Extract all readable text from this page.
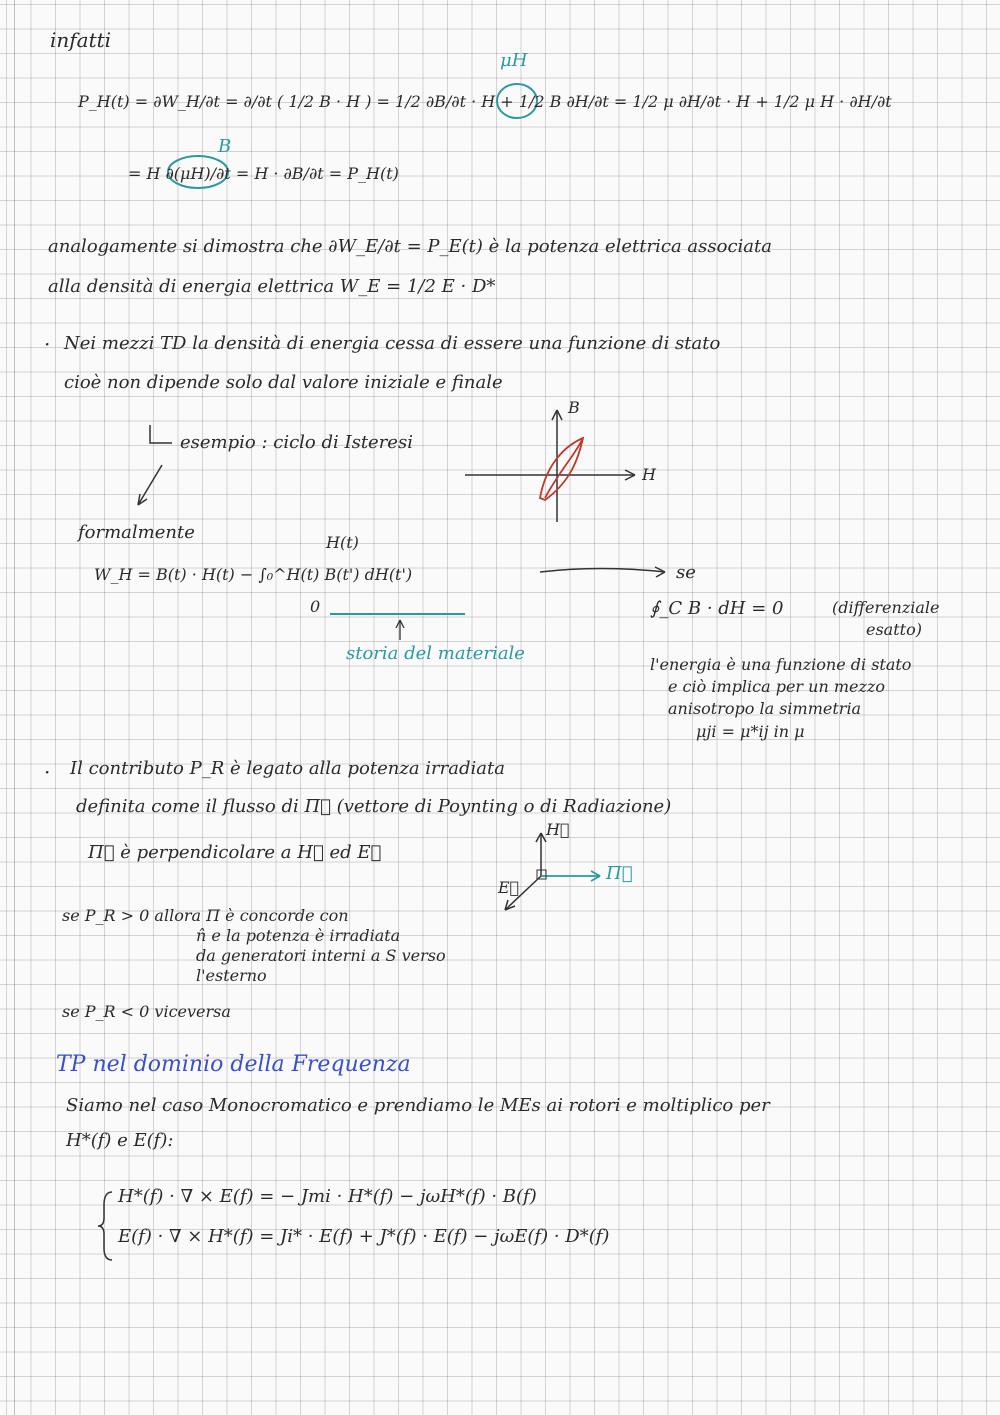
infatti
μH
P_H(t) = ∂W_H/∂t = ∂/∂t ( 1/2 B · H ) = 1/2 ∂B/∂t · H + 1/2 B ∂H/∂t = 1/2 μ ∂H/∂t · H + 1/2 μ H · ∂H/∂t
B
= H ∂(μH)/∂t = H · ∂B/∂t = P_H(t)
analogamente si dimostra che ∂W_E/∂t = P_E(t) è la potenza elettrica associata
alla densità di energia elettrica W_E = 1/2 E · D*
· Nei mezzi TD la densità di energia cessa di essere una funzione di stato
cioè non dipende solo dal valore iniziale e finale
esempio : ciclo di Isteresi
B
H
formalmente
W_H = B(t) · H(t) − ∫₀^H(t) B(t') dH(t')
H(t)
0
se
∮_C B · dH = 0	(differenziale
esatto)
storia del materiale
l'energia è una funzione di stato
e ciò implica per un mezzo
anisotropo la simmetria
μji = μ*ij in μ
· Il contributo P_R è legato alla potenza irradiata
definita come il flusso di Π⃗ (vettore di Poynting o di Radiazione)
Π⃗ è perpendicolare a H⃗ ed E⃗
H⃗
E⃗
Π⃗
se P_R > 0 allora Π è concorde con
n̂ e la potenza è irradiata
da generatori interni a S verso
l'esterno
se P_R < 0 viceversa
TP nel dominio della Frequenza
Siamo nel caso Monocromatico e prendiamo le MEs ai rotori e moltiplico per
H*(f) e E(f):
H*(f) · ∇ × E(f) = − Jmi · H*(f) − jωH*(f) · B(f)
E(f) · ∇ × H*(f) = Ji* · E(f) + J*(f) · E(f) − jωE(f) · D*(f)
